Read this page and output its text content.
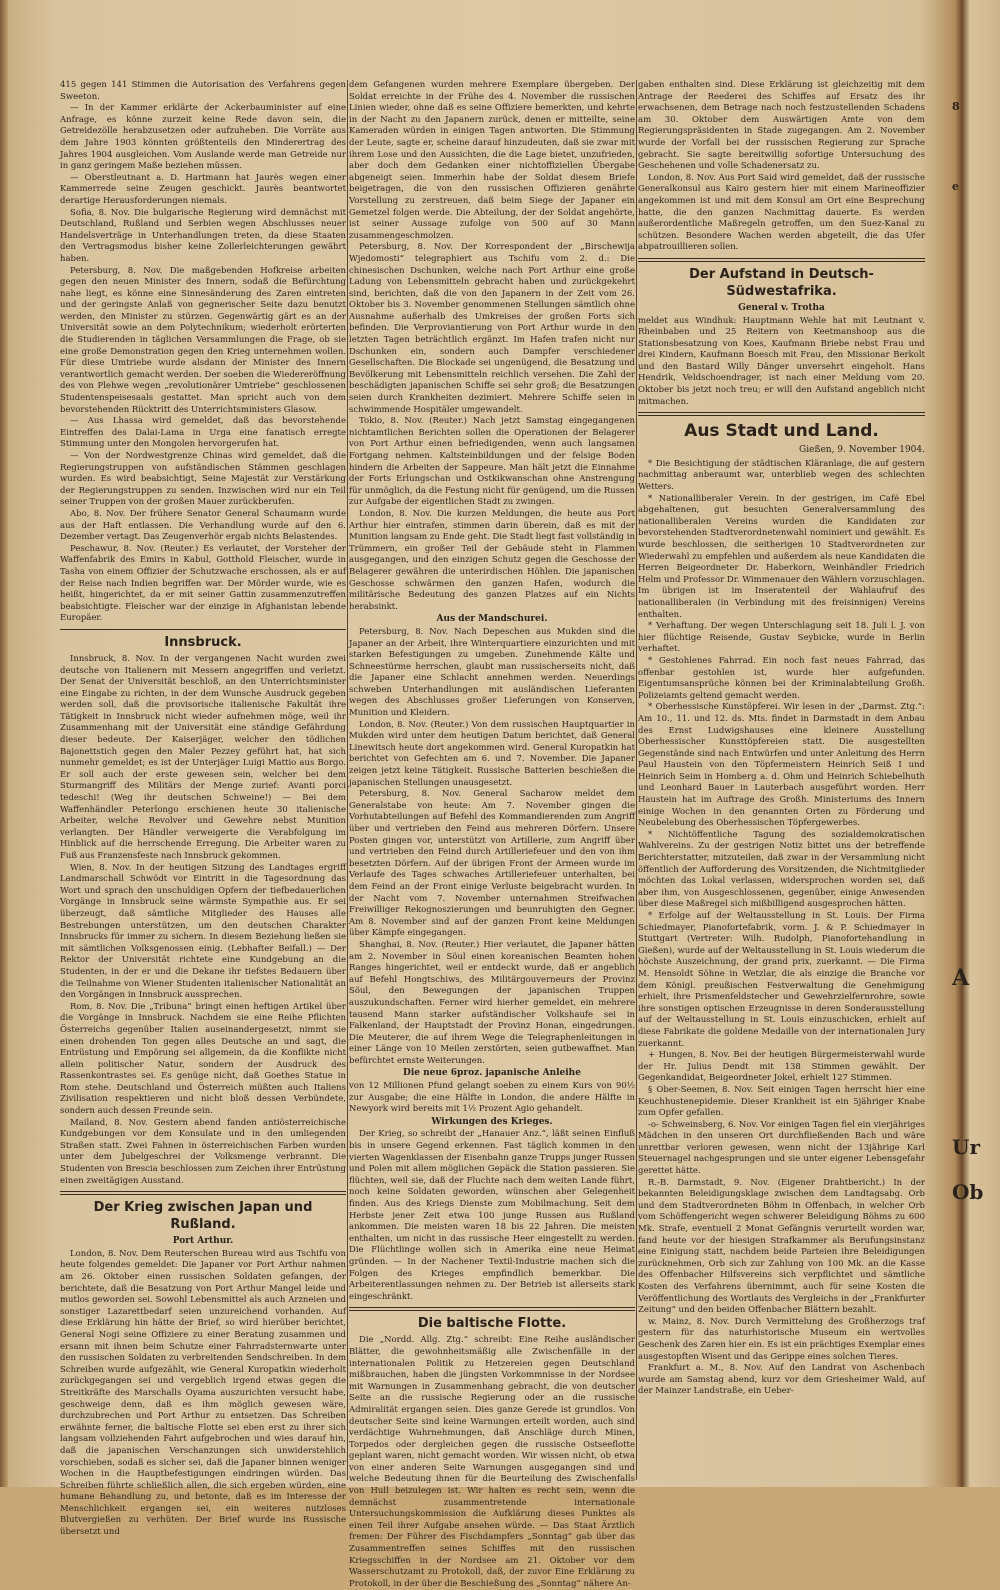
415 gegen 141 Stimmen die Autorisation des Verfahrens gegen Sweeton.

— In der Kammer erklärte der Ackerbauminister auf eine Anfrage, es könne zurzeit keine Rede davon sein, die Getreidezölle herabzusetzen oder aufzuheben. Die Vorräte aus dem Jahre 1903 könnten größtenteils den Minderertrag des Jahres 1904 ausgleichen. Vom Auslande werde man Getreide nur in ganz geringem Maße beziehen müssen.

— Oberstleutnant a. D. Hartmann hat Jaurès wegen einer Kammerrede seine Zeugen geschickt. Jaurès beantwortet derartige Herausforderungen niemals.

Sofia, 8. Nov. Die bulgarische Regierung wird demnächst mit Deutschland, Rußland und Serbien wegen Abschlusses neuer Handelsverträge in Unterhandlungen treten, da diese Staaten den Vertragsmodus bisher keine Zollerleichterungen gewährt haben.

Petersburg, 8. Nov. Die maßgebenden Hofkreise arbeiten gegen den neuen Minister des Innern, sodaß die Befürchtung nahe liegt, es könne eine Sinnesänderung des Zaren eintreten und der geringste Anlaß von gegnerischer Seite dazu benutzt werden, den Minister zu stürzen. Gegenwärtig gärt es an der Universität sowie an dem Polytechnikum; wiederholt erörterten die Studierenden in täglichen Versammlungen die Frage, ob sie eine große Demonstration gegen den Krieg unternehmen wollen. Für diese Umtriebe wurde alsdann der Minister des Innern verantwortlich gemacht werden. Der soeben die Wiedereröffnung des von Plehwe wegen „revolutionärer Umtriebe“ geschlossenen Studentenspeisesaals gestattet. Man spricht auch von dem bevorstehenden Rücktritt des Unterrichtsministers Glasow.

— Aus Lhassa wird gemeldet, daß das bevorstehende Eintreffen des Dalai-Lama in Urga eine fanatisch erregte Stimmung unter den Mongolen hervorgerufen hat.

— Von der Nordwestgrenze Chinas wird gemeldet, daß die Regierungstruppen von aufständischen Stämmen geschlagen wurden. Es wird beabsichtigt, Seine Majestät zur Verstärkung der Regierungstruppen zu senden. Inzwischen wird nur ein Teil seiner Truppen von der großen Mauer zurückberufen.

Abo, 8. Nov. Der frühere Senator General Schaumann wurde aus der Haft entlassen. Die Verhandlung wurde auf den 6. Dezember vertagt. Das Zeugenverhör ergab nichts Belastendes.

Peschawur, 8. Nov. (Reuter.) Es verlautet, der Vorsteher der Waffenfabrik des Emirs in Kabul, Gotthold Fleischer, wurde in Tasha von einem Offizier der Schutzwache erschossen, als er auf der Reise nach Indien begriffen war. Der Mörder wurde, wie es heißt, hingerichtet, da er mit seiner Gattin zusammenzutreffen beabsichtigte. Fleischer war der einzige in Afghanistan lebende Europäer.

Innsbruck.

Innsbruck, 8. Nov. In der vergangenen Nacht wurden zwei deutsche von Italienern mit Messern angegriffen und verletzt. Der Senat der Universität beschloß, an den Unterrichtsminister eine Eingabe zu richten, in der dem Wunsche Ausdruck gegeben werden soll, daß die provisorische italienische Fakultät ihre Tätigkeit in Innsbruck nicht wieder aufnehmen möge, weil ihr Zusammenhang mit der Universität eine ständige Gefährdung dieser bedeute. Der Kaiserjäger, welcher den tödlichen Bajonettstich gegen den Maler Pezzey geführt hat, hat sich nunmehr gemeldet; es ist der Unterjäger Luigi Mattio aus Borgo. Er soll auch der erste gewesen sein, welcher bei dem Sturmangriff des Militärs der Menge zurief: Avanti porci tedeschi! (Weg ihr deutschen Schweine!) — Bei dem Waffenhändler Peterlongo erschienen heute 30 italienische Arbeiter, welche Revolver und Gewehre nebst Munition verlangten. Der Händler verweigerte die Verabfolgung im Hinblick auf die herrschende Erregung. Die Arbeiter waren zu Fuß aus Franzensfeste nach Innsbruck gekommen.

Wien, 8. Nov. In der heutigen Sitzung des Landtages ergriff Landmarschall Schwödt vor Eintritt in die Tagesordnung das Wort und sprach den unschuldigen Opfern der tiefbedauerlichen Vorgänge in Innsbruck seine wärmste Sympathie aus. Er sei überzeugt, daß sämtliche Mitglieder des Hauses alle Bestrebungen unterstützen, um den deutschen Charakter Innsbrucks für immer zu sichern. In diesem Beziehung ließen sie mit sämtlichen Volksgenossen einig. (Lebhafter Beifall.) — Der Rektor der Universität richtete eine Kundgebung an die Studenten, in der er und die Dekane ihr tiefstes Bedauern über die Teilnahme von Wiener Studenten italienischer Nationalität an den Vorgängen in Innsbruck aussprechen.

Rom, 8. Nov. Die „Tribuna“ bringt einen heftigen Artikel über die Vorgänge in Innsbruck. Nachdem sie eine Reihe Pflichten Österreichs gegenüber Italien auseinandergesetzt, nimmt sie einen drohenden Ton gegen alles Deutsche an und sagt, die Entrüstung und Empörung sei allgemein, da die Konflikte nicht allein politischer Natur, sondern der Ausdruck des Rassenkontrastes sei. Es genüge nicht, daß Goethes Statue in Rom stehe. Deutschland und Österreich müßten auch Italiens Zivilisation respektieren und nicht bloß dessen Verbündete, sondern auch dessen Freunde sein.

Mailand, 8. Nov. Gestern abend fanden antiösterreichische Kundgebungen vor dem Konsulate und in den umliegenden Straßen statt. Zwei Fahnen in österreichischen Farben wurden unter dem Jubelgeschrei der Volksmenge verbrannt. Die Studenten von Brescia beschlossen zum Zeichen ihrer Entrüstung einen zweitägigen Ausstand.

Der Krieg zwischen Japan und Rußland.
Port Arthur.

London, 8. Nov. Dem Reuterschen Bureau wird aus Tschifu von heute folgendes gemeldet: Die Japaner vor Port Arthur nahmen am 26. Oktober einen russischen Soldaten gefangen, der berichtete, daß die Besatzung von Port Arthur Mangel leide und mutlos geworden sei. Sowohl Lebensmittel als auch Arzneien und sonstiger Lazarettbedarf seien unzureichend vorhanden. Auf diese Erklärung hin hätte der Brief, so wird hierüber berichtet, General Nogi seine Offiziere zu einer Beratung zusammen und ersann mit ihnen beim Schutze einer Fahrradsternwarte unter den russischen Soldaten zu verbreitenden Sendschreiben. In dem Schreiben wurde aufgezählt, wie General Kuropatkin wiederholt zurückgegangen sei und vergeblich irgend etwas gegen die Streitkräfte des Marschalls Oyama auszurichten versucht habe, geschweige denn, daß es ihm möglich gewesen wäre, durchzubrechen und Port Arthur zu entsetzen. Das Schreiben erwähnte ferner, die baltische Flotte sei eben erst zu ihrer sich langsam vollziehenden Fahrt aufgebrochen und wies darauf hin, daß die japanischen Verschanzungen sich unwiderstehlich vorschieben, sodaß es sicher sei, daß die Japaner binnen weniger Wochen in die Hauptbefestigungen eindringen würden. Das Schreiben führte schließlich allen, die sich ergeben würden, eine humane Behandlung zu, und betonte, daß es im Interesse der Menschlichkeit ergangen sei, ein weiteres nutzloses Blutvergießen zu verhüten. Der Brief wurde ins Russische übersetzt und

dem Gefangenen wurden mehrere Exemplare übergeben. Der Soldat erreichte in der Frühe des 4. November die russischen Linien wieder, ohne daß es seine Offiziere bemerkten, und kehrte in der Nacht zu den Japanern zurück, denen er mitteilte, seine Kameraden würden in einigen Tagen antworten. Die Stimmung der Leute, sagte er, scheine darauf hinzudeuten, daß sie zwar mit ihrem Lose und den Aussichten, die die Lage bietet, unzufrieden, aber doch dem Gedanken einer nichtoffiziellen Übergabe abgeneigt seien. Immerhin habe der Soldat diesem Briefe beigetragen, die von den russischen Offizieren genährte Vorstellung zu zerstreuen, daß beim Siege der Japaner ein Gemetzel folgen werde. Die Abteilung, der der Soldat angehörte, ist seiner Aussage zufolge von 500 auf 30 Mann zusammengeschmolzen.

Petersburg, 8. Nov. Der Korrespondent der „Birschewija Wjedomosti“ telegraphiert aus Tschifu vom 2. d.: Die chinesischen Dschunken, welche nach Port Arthur eine große Ladung von Lebensmitteln gebracht haben und zurückgekehrt sind, berichten, daß die von den Japanern in der Zeit vom 26. Oktober bis 3. November genommenen Stellungen sämtlich ohne Ausnahme außerhalb des Umkreises der großen Forts sich befinden. Die Verproviantierung von Port Arthur wurde in den letzten Tagen beträchtlich ergänzt. Im Hafen trafen nicht nur Dschunken ein, sondern auch Dampfer verschiedener Gesellschaften. Die Blockade sei ungenügend, die Besatzung und Bevölkerung mit Lebensmitteln reichlich versehen. Die Zahl der beschädigten japanischen Schiffe sei sehr groß; die Besatzungen seien durch Krankheiten dezimiert. Mehrere Schiffe seien in schwimmende Hospitäler umgewandelt.

Tokio, 8. Nov. (Reuter.) Nach jetzt Samstag eingegangenen nichtamtlichen Berichten sollen die Operationen der Belagerer von Port Arthur einen befriedigenden, wenn auch langsamen Fortgang nehmen. Kaltsteinbildungen und der felsige Boden hindern die Arbeiten der Sappeure. Man hält jetzt die Einnahme der Forts Erlungschan und Ostkikwanschan ohne Anstrengung für unmöglich, da die Festung nicht für genügend, um die Russen zur Aufgabe der eigentlichen Stadt zu zwingen.

London, 8. Nov. Die kurzen Meldungen, die heute aus Port Arthur hier eintrafen, stimmen darin überein, daß es mit der Munition langsam zu Ende geht. Die Stadt liegt fast vollständig in Trümmern, ein großer Teil der Gebäude steht in Flammen ausgegangen, und den einzigen Schutz gegen die Geschosse der Belagerer gewähren die unterirdischen Höhlen. Die japanischen Geschosse schwärmen den ganzen Hafen, wodurch die militärische Bedeutung des ganzen Platzes auf ein Nichts herabsinkt.

Aus der Mandschurei.

Petersburg, 8. Nov. Nach Depeschen aus Mukden sind die Japaner an der Arbeit, ihre Winterquartiere einzurichten und mit starken Befestigungen zu umgeben. Zunehmende Kälte und Schneestürme herrschen, glaubt man russischerseits nicht, daß die Japaner eine Schlacht annehmen werden. Neuerdings schweben Unterhandlungen mit ausländischen Lieferanten wegen des Abschlusses großer Lieferungen von Konserven, Munition und Kleidern.

London, 8. Nov. (Reuter.) Von dem russischen Hauptquartier in Mukden wird unter dem heutigen Datum berichtet, daß General Linewitsch heute dort angekommen wird. General Kuropatkin hat berichtet von Gefechten am 6. und 7. November. Die Japaner zeigen jetzt keine Tätigkeit. Russische Batterien beschießen die japanischen Stellungen unausgesetzt.

Petersburg, 8. Nov. General Sacharow meldet dem Generalstabe von heute: Am 7. November gingen die Vorhutabteilungen auf Befehl des Kommandierenden zum Angriff über und vertrieben den Feind aus mehreren Dörfern. Unsere Posten gingen vor, unterstützt von Artillerie, zum Angriff über und vertrieben den Feind durch Artilleriefeuer und den von ihm besetzten Dörfern. Auf der übrigen Front der Armeen wurde im Verlaufe des Tages schwaches Artilleriefeuer unterhalten, bei dem Feind an der Front einige Verluste beigebracht wurden. In der Nacht vom 7. November unternahmen Streifwachen Freiwilliger Rekognoszierungen und beunruhigten den Gegner. Am 8. November sind auf der ganzen Front keine Meldungen über Kämpfe eingegangen.

Shanghai, 8. Nov. (Reuter.) Hier verlautet, die Japaner hätten am 2. November in Söul einen koreanischen Beamten hohen Ranges hingerichtet, weil er entdeckt wurde, daß er angeblich auf Befehl Hongtschiws, des Militärgouverneurs der Provinz Söul, den Bewegungen der japanischen Truppen auszukundschaften. Ferner wird hierher gemeldet, ein mehrere tausend Mann starker aufständischer Volkshaufe sei in Falkenland, der Hauptstadt der Provinz Honan, eingedrungen. Die Meuterer, die auf ihrem Wege die Telegraphenleitungen in einer Länge von 10 Meilen zerstörten, seien gutbewaffnet. Man befürchtet ernste Weiterungen.

Die neue 6proz. japanische Anleihe

von 12 Millionen Pfund gelangt soeben zu einem Kurs von 90½ zur Ausgabe; die eine Hälfte in London, die andere Hälfte in Newyork wird bereits mit 1½ Prozent Agio gehandelt.

Wirkungen des Krieges.

Der Krieg, so schreibt der „Hanauer Anz.“, läßt seinen Einfluß bis in unsere Gegend erkennen. Fast täglich kommen in den vierten Wagenklassen der Eisenbahn ganze Trupps junger Russen und Polen mit allem möglichen Gepäck die Station passieren. Sie flüchten, weil sie, daß der Fluchte nach dem weiten Lande führt, noch keine Soldaten geworden, wünschen aber Gelegenheit finden. Aus des Kriegs Dienste zum Mobilmachung. Seit dem Herbste jener Zeit etwa 100 junge Russen aus Rußland ankommen. Die meisten waren 18 bis 22 Jahren. Die meisten enthalten, um nicht in das russische Heer eingestellt zu werden. Die Flüchtlinge wollen sich in Amerika eine neue Heimat gründen. — In der Nachener Textil-Industrie machen sich die Folgen des Krieges empfindlich bemerkbar. Die Arbeiterentlassungen nehmen zu. Der Betrieb ist allerseits stark eingeschränkt.

Die baltische Flotte.

Die „Nordd. Allg. Ztg.“ schreibt: Eine Reihe ausländischer Blätter, die gewohnheitsmäßig alle Zwischenfälle in der internationalen Politik zu Hetzereien gegen Deutschland mißbrauchen, haben die jüngsten Vorkommnisse in der Nordsee mit Warnungen in Zusammenhang gebracht, die von deutscher Seite an die russische Regierung oder an die russische Admiralität ergangen seien. Dies ganze Gerede ist grundlos. Von deutscher Seite sind keine Warnungen erteilt worden, auch sind verdächtige Wahrnehmungen, daß Anschläge durch Minen, Torpedos oder dergleichen gegen die russische Ostseeflotte geplant waren, nicht gemacht worden. Wir wissen nicht, ob etwa von einer anderen Seite Warnungen ausgegangen sind und welche Bedeutung ihnen für die Beurteilung des Zwischenfalls von Hull beizulegen ist. Wir halten es recht sein, wenn die demnächst zusammentretende internationale Untersuchungskommission die Aufklärung dieses Punktes als einen Teil ihrer Aufgabe ansehen würde. — Das Staat Ärztlich fremen: Der Führer des Fischdampfers „Sonntag“ gab über das Zusammentreffen seines Schiffes mit den russischen Kriegsschiffen in der Nordsee am 21. Oktober vor dem Wasserschutzamt zu Protokoll, daß, der zuvor Eine Erklärung zu Protokoll, in der über die Beschießung des „Sonntag“ nähere An-

gaben enthalten sind. Diese Erklärung ist gleichzeitig mit dem Antrage der Reederei des Schiffes auf Ersatz des ihr erwachsenen, dem Betrage nach noch festzustellenden Schadens am 30. Oktober dem Auswärtigen Amte von dem Regierungspräsidenten in Stade zugegangen. Am 2. November wurde der Vorfall bei der russischen Regierung zur Sprache gebracht. Sie sagte bereitwillig sofortige Untersuchung des Geschehenen und volle Schadenersatz zu.

London, 8. Nov. Aus Port Said wird gemeldet, daß der russische Generalkonsul aus Kairo gestern hier mit einem Marineoffizier angekommen ist und mit dem Konsul am Ort eine Besprechung hatte, die den ganzen Nachmittag dauerte. Es werden außerordentliche Maßregeln getroffen, um den Suez-Kanal zu schützen. Besondere Wachen werden abgeteilt, die das Ufer abpatrouillieren sollen.

Der Aufstand in Deutsch-Südwestafrika.
General v. Trotha

meldet aus Windhuk: Hauptmann Wehle hat mit Leutnant v. Rheinbaben und 25 Reitern von Keetmanshoop aus die Stationsbesatzung von Koes, Kaufmann Briebe nebst Frau und drei Kindern, Kaufmann Boesch mit Frau, den Missionar Berkolt und den Bastard Willy Dänger unversehrt eingeholt. Hans Hendrik, Veldschoendrager, ist nach einer Meldung vom 20. Oktober bis jetzt noch treu; er will den Aufstand angeblich nicht mitmachen.

Aus Stadt und Land.
Gießen, 9. November 1904.

* Die Besichtigung der städtischen Kläranlage, die auf gestern nachmittag anberaumt war, unterblieb wegen des schlechten Wetters.

* Nationalliberaler Verein. In der gestrigen, im Café Ebel abgehaltenen, gut besuchten Generalversammlung des nationalliberalen Vereins wurden die Kandidaten zur bevorstehenden Stadtverordnetenwahl nominiert und gewählt. Es wurde beschlossen, die seitherigen 10 Stadtverordneten zur Wiederwahl zu empfehlen und außerdem als neue Kandidaten die Herren Beigeordneter Dr. Haberkorn, Weinhändler Friedrich Helm und Professor Dr. Wimmenauer den Wählern vorzuschlagen. Im übrigen ist im Inseratenteil der Wahlaufruf des nationalliberalen (in Verbindung mit des freisinnigen) Vereins enthalten.

* Verhaftung. Der wegen Unterschlagung seit 18. Juli l. J. von hier flüchtige Reisende, Gustav Seybicke, wurde in Berlin verhaftet.

* Gestohlenes Fahrrad. Ein noch fast neues Fahrrad, das offenbar gestohlen ist, wurde hier aufgefunden. Eigentumsansprüche können bei der Kriminalabteilung Großh. Polizeiamts geltend gemacht werden.

* Oberhessische Kunstöpferei. Wir lesen in der „Darmst. Ztg.“: Am 10., 11. und 12. ds. Mts. findet in Darmstadt in dem Anbau des Ernst Ludwigshauses eine kleinere Ausstellung Oberhessischer Kunsttöpfereien statt. Die ausgestellten Gegenstände sind nach Entwürfen und unter Anleitung des Herrn Paul Haustein von den Töpfermeistern Heinrich Seiß I und Heinrich Seim in Homberg a. d. Ohm und Heinrich Schiebelhuth und Leonhard Bauer in Lauterbach ausgeführt worden. Herr Haustein hat im Auftrage des Großh. Ministeriums des Innern einige Wochen in den genannten Orten zu Förderung und Neubelebung des Oberhessischen Töpfergewerbes.

* Nichtöffentliche Tagung des sozialdemokratischen Wahlvereins. Zu der gestrigen Notiz bittet uns der betreffende Berichterstatter, mitzuteilen, daß zwar in der Versammlung nicht öffentlich der Aufforderung des Vorsitzenden, die Nichtmitglieder möchten das Lokal verlassen, widersprochen worden sei, daß aber ihm, von Ausgeschlossenen, gegenüber, einige Anwesenden über diese Maßregel sich mißbilligend ausgesprochen hätten.

* Erfolge auf der Weltausstellung in St. Louis. Der Firma Schiedmayer, Pianofortefabrik, vorm. J. & P. Schiedmayer in Stuttgart (Vertreter: Wilh. Rudolph, Pianofortehandlung in Gießen), wurde auf der Weltausstellung in St. Louis wiederum die höchste Auszeichnung, der grand prix, zuerkannt. — Die Firma M. Hensoldt Söhne in Wetzlar, die als einzige die Branche vor dem Königl. preußischen Festverwaltung die Genehmigung erhielt, ihre Prismenfeldstecher und Gewehrzielfernrohre, sowie ihre sonstigen optischen Erzeugnisse in deren Sonderausstellung auf der Weltausstellung in St. Louis einzuschicken, erhielt auf diese Fabrikate die goldene Medaille von der internationalen Jury zuerkannt.

+ Hungen, 8. Nov. Bei der heutigen Bürgermeisterwahl wurde der Hr. Julius Dendt mit 138 Stimmen gewählt. Der Gegenkandidat, Beigeordneter Jokel, erhielt 127 Stimmen.

§ Ober-Seemen, 8. Nov. Seit einigen Tagen herrscht hier eine Keuchhustenepidemie. Dieser Krankheit ist ein 5jähriger Knabe zum Opfer gefallen.

-o- Schweinsberg, 6. Nov. Vor einigen Tagen fiel ein vierjähriges Mädchen in den unseren Ort durchfließenden Bach und wäre unrettbar verloren gewesen, wenn nicht der 13jährige Karl Steuernagel nachgesprungen und sie unter eigener Lebensgefahr gerettet hätte.

R.-B. Darmstadt, 9. Nov. (Eigener Drahtbericht.) In der bekannten Beleidigungsklage zwischen dem Landtagsabg. Orb und dem Stadtverordneten Böhm in Offenbach, in welcher Orb vom Schöffengericht wegen schwerer Beleidigung Böhms zu 600 Mk. Strafe, eventuell 2 Monat Gefängnis verurteilt worden war, fand heute vor der hiesigen Strafkammer als Berufungsinstanz eine Einigung statt, nachdem beide Parteien ihre Beleidigungen zurücknehmen, Orb sich zur Zahlung von 100 Mk. an die Kasse des Offenbacher Hilfsvereins sich verpflichtet und sämtliche Kosten des Verfahrens übernimmt, auch für seine Kosten die Veröffentlichung des Wortlauts des Vergleichs in der „Frankfurter Zeitung“ und den beiden Offenbacher Blättern bezahlt.

w. Mainz, 8. Nov. Durch Vermittelung des Großherzogs traf gestern für das naturhistorische Museum ein wertvolles Geschenk des Zaren hier ein. Es ist ein prächtiges Exemplar eines ausgestopften Wisent und das Gerippe eines solchen Tieres.

Frankfurt a. M., 8. Nov. Auf den Landrat von Aschenbach wurde am Samstag abend, kurz vor dem Griesheimer Wald, auf der Mainzer Landstraße, ein Ueber-

8
e
A
Ur
Ob
